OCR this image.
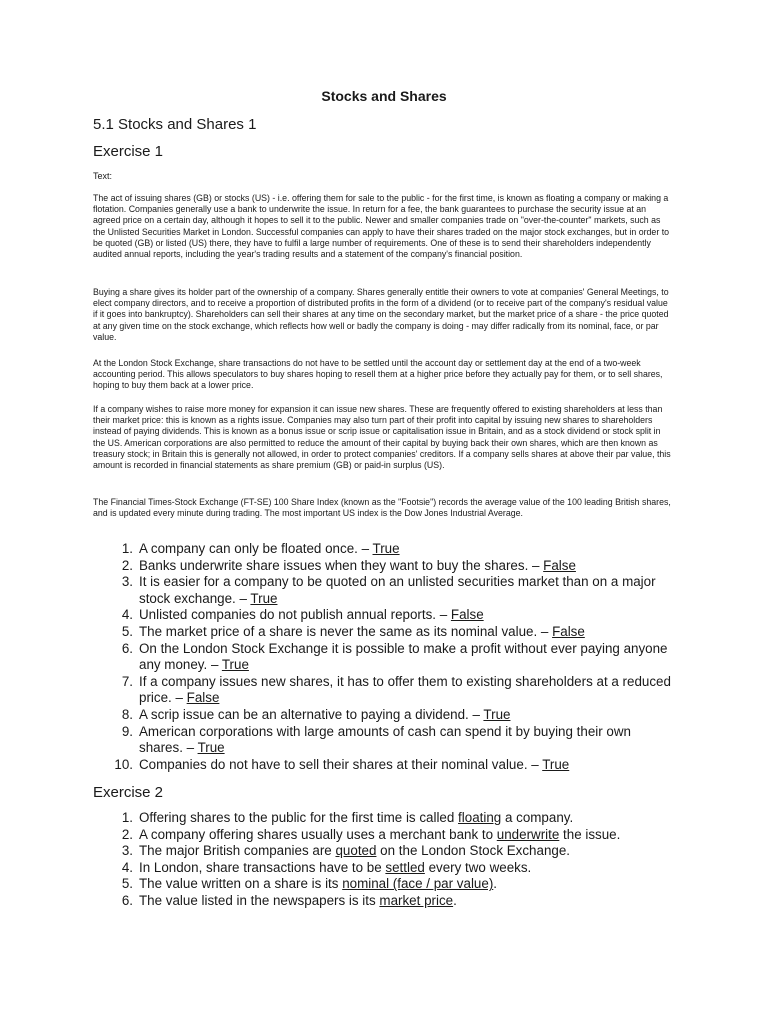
Stocks and Shares
5.1 Stocks and Shares 1
Exercise 1
Text:

The act of issuing shares (GB) or stocks (US) - i.e. offering them for sale to the public - for the first time, is known as floating a company or making a flotation. Companies generally use a bank to underwrite the issue. In return for a fee, the bank guarantees to purchase the security issue at an agreed price on a certain day, although it hopes to sell it to the public. Newer and smaller companies trade on "over-the-counter" markets, such as the Unlisted Securities Market in London. Successful companies can apply to have their shares traded on the major stock exchanges, but in order to be quoted (GB) or listed (US) there, they have to fulfil a large number of requirements. One of these is to send their shareholders independently audited annual reports, including the year's trading results and a statement of the company's financial position.

Buying a share gives its holder part of the ownership of a company. Shares generally entitle their owners to vote at companies' General Meetings, to elect company directors, and to receive a proportion of distributed profits in the form of a dividend (or to receive part of the company's residual value if it goes into bankruptcy). Shareholders can sell their shares at any time on the secondary market, but the market price of a share - the price quoted at any given time on the stock exchange, which reflects how well or badly the company is doing - may differ radically from its nominal, face, or par value.

At the London Stock Exchange, share transactions do not have to be settled until the account day or settlement day at the end of a two-week accounting period. This allows speculators to buy shares hoping to resell them at a higher price before they actually pay for them, or to sell shares, hoping to buy them back at a lower price.

If a company wishes to raise more money for expansion it can issue new shares. These are frequently offered to existing shareholders at less than their market price: this is known as a rights issue. Companies may also turn part of their profit into capital by issuing new shares to shareholders instead of paying dividends. This is known as a bonus issue or scrip issue or capitalisation issue in Britain, and as a stock dividend or stock split in the US. American corporations are also permitted to reduce the amount of their capital by buying back their own shares, which are then known as treasury stock; in Britain this is generally not allowed, in order to protect companies' creditors. If a company sells shares at above their par value, this amount is recorded in financial statements as share premium (GB) or paid-in surplus (US).

The Financial Times-Stock Exchange (FT-SE) 100 Share Index (known as the "Footsie") records the average value of the 100 leading British shares, and is updated every minute during trading. The most important US index is the Dow Jones Industrial Average.

1. A company can only be floated once. – True
2. Banks underwrite share issues when they want to buy the shares. – False
3. It is easier for a company to be quoted on an unlisted securities market than on a major stock exchange. – True
4. Unlisted companies do not publish annual reports. – False
5. The market price of a share is never the same as its nominal value. – False
6. On the London Stock Exchange it is possible to make a profit without ever paying anyone any money. – True
7. If a company issues new shares, it has to offer them to existing shareholders at a reduced price. – False
8. A scrip issue can be an alternative to paying a dividend. – True
9. American corporations with large amounts of cash can spend it by buying their own shares. – True
10. Companies do not have to sell their shares at their nominal value. – True
Exercise 2
1. Offering shares to the public for the first time is called floating a company.
2. A company offering shares usually uses a merchant bank to underwrite the issue.
3. The major British companies are quoted on the London Stock Exchange.
4. In London, share transactions have to be settled every two weeks.
5. The value written on a share is its nominal (face / par value).
6. The value listed in the newspapers is its market price.
